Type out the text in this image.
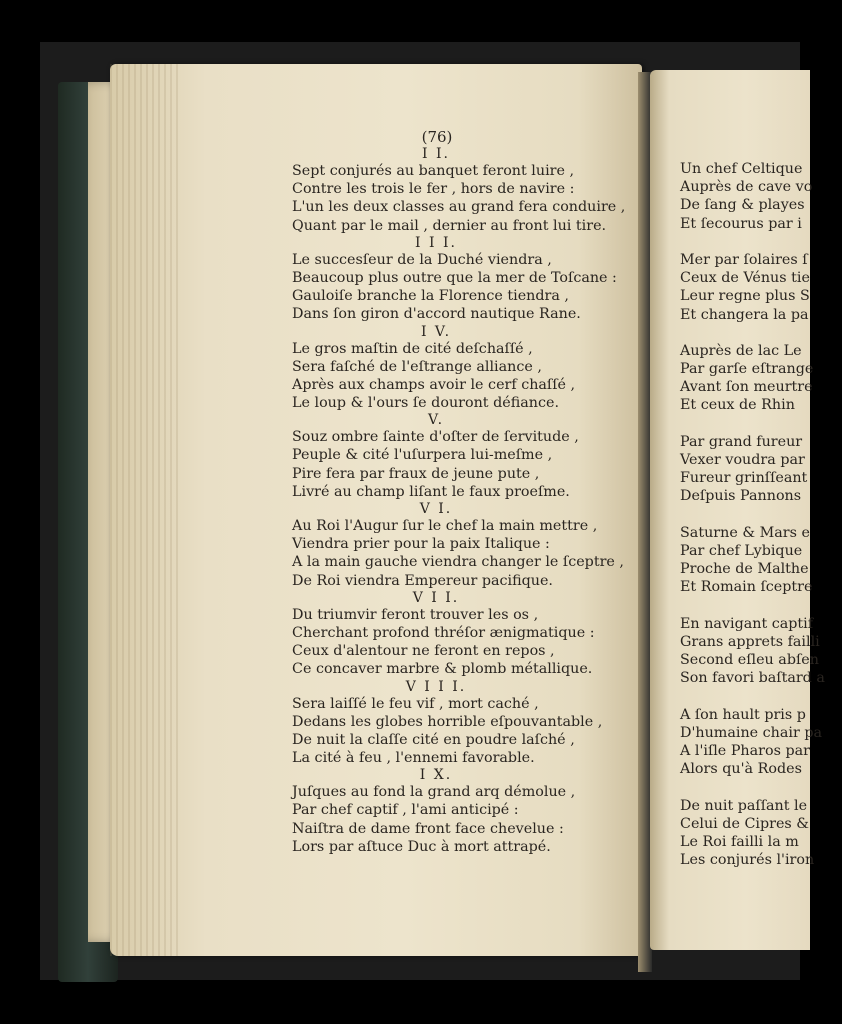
(76)
I I.
Sept conjurés au banquet feront luire ,
Contre les trois le fer , hors de navire :
L'un les deux classes au grand fera conduire ,
Quant par le mail , dernier au front lui tire.
I I I.
Le succesſeur de la Duché viendra ,
Beaucoup plus outre que la mer de Toſcane :
Gauloiſe branche la Florence tiendra ,
Dans ſon giron d'accord nautique Rane.
I V.
Le gros maſtin de cité deſchaſſé ,
Sera faſché de l'eſtrange alliance ,
Après aux champs avoir le cerf chaſſé ,
Le loup & l'ours ſe douront défiance.
V.
Souz ombre ſainte d'oſter de ſervitude ,
Peuple & cité l'uſurpera lui-meſme ,
Pire fera par fraux de jeune pute ,
Livré au champ liſant le faux proeſme.
V I.
Au Roi l'Augur ſur le chef la main mettre ,
Viendra prier pour la paix Italique :
A la main gauche viendra changer le ſceptre ,
De Roi viendra Empereur pacifique.
V I I.
Du triumvir feront trouver les os ,
Cherchant profond thréſor ænigmatique :
Ceux d'alentour ne feront en repos ,
Ce concaver marbre & plomb métallique.
V I I I.
Sera laiſſé le feu vif , mort caché ,
Dedans les globes horrible eſpouvantable ,
De nuit la claſſe cité en poudre laſché ,
La cité à feu , l'ennemi favorable.
I X.
Juſques au fond la grand arq démolue ,
Par chef captif , l'ami anticipé :
Naiſtra de dame front face chevelue :
Lors par aſtuce Duc à mort attrapé.
Un chef Celtique
Auprès de cave vo
De ſang & playes
Et ſecourus par i
Mer par ſolaires ſ
Ceux de Vénus tie
Leur regne plus S
Et changera la pa
Auprès de lac Le
Par garſe eſtrange
Avant ſon meurtre
Et ceux de Rhin
Par grand fureur
Vexer voudra par
Fureur grinſſeant
Deſpuis Pannons
Saturne & Mars e
Par chef Lybique
Proche de Malthe
Et Romain ſceptre
En navigant captif
Grans apprets failli
Second eſleu abſen
Son favori baſtard a
A ſon hault pris p
D'humaine chair pa
A l'iſle Pharos par
Alors qu'à Rodes
De nuit paſſant le
Celui de Cipres &
Le Roi failli la m
Les conjurés l'iron
